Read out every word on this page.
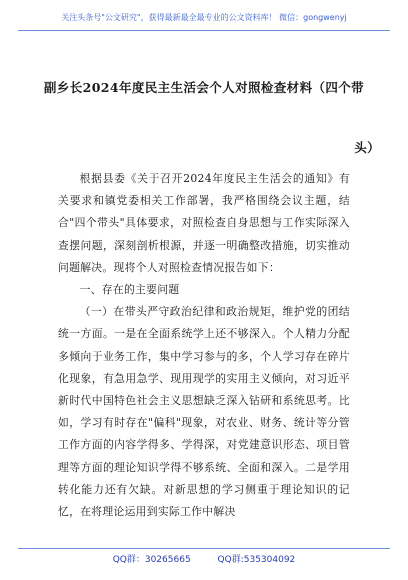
关注头条号"公文研究"，获得最新最全最专业的公文资料库！ 微信：gongwenyj
副乡长2024年度民主生活会个人对照检查材料（四个带
头）

根据县委《关于召开2024年度民主生活会的通知》有关要求和镇党委相关工作部署，我严格围绕会议主题，结合"四个带头"具体要求，对照检查自身思想与工作实际深入查摆问题，深刻剖析根源，并逐一明确整改措施，切实推动问题解决。现将个人对照检查情况报告如下：

一、存在的主要问题

（一）在带头严守政治纪律和政治规矩，维护党的团结统一方面。一是在全面系统学上还不够深入。个人精力分配多倾向于业务工作，集中学习参与的多，个人学习存在碎片化现象，有急用急学、现用现学的实用主义倾向，对习近平新时代中国特色社会主义思想缺乏深入钻研和系统思考。比如，学习有时存在"偏科"现象，对农业、财务、统计等分管工作方面的内容学得多、学得深，对党建意识形态、项目管理等方面的理论知识学得不够系统、全面和深入。二是学用转化能力还有欠缺。对新思想的学习侧重于理论知识的记忆，在将理论运用到实际工作中解决

QQ群：30265665	QQ群:535304092
